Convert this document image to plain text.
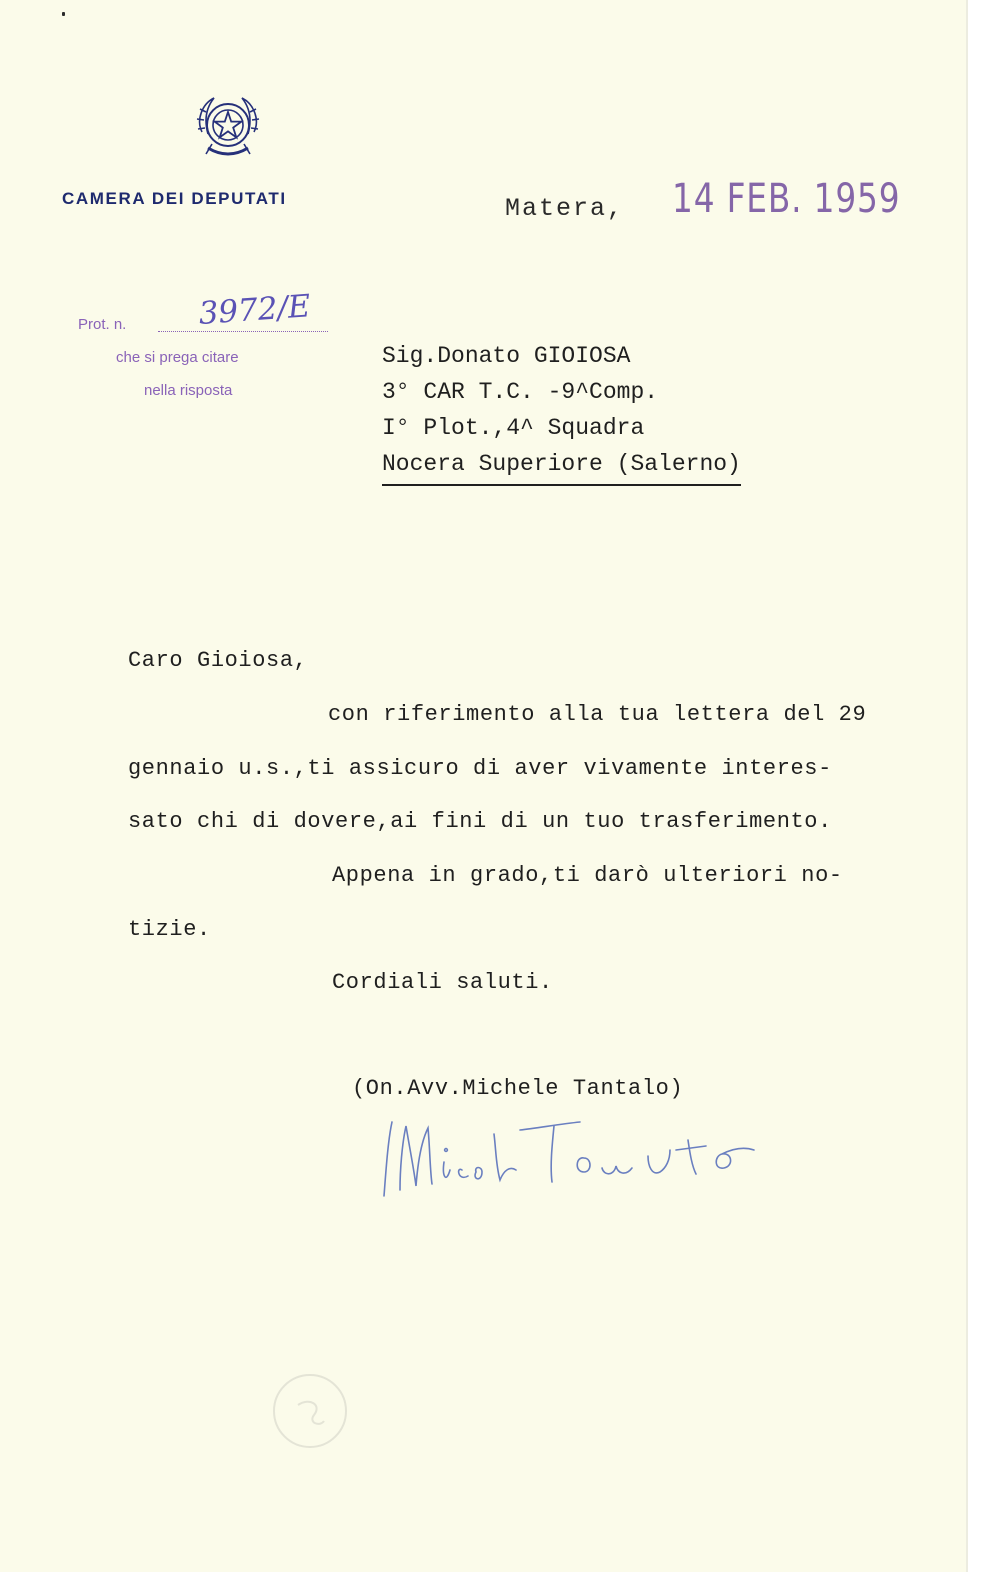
CAMERA DEI DEPUTATI	Matera, 14 FEB. 1959
Prot. n. 3972/E
che si prega citare
nella risposta
Sig.Donato GIOIOSA
3° CAR T.C. -9^Comp.
I° Plot.,4^ Squadra
Nocera Superiore (Salerno)
Caro Gioiosa,
con riferimento alla tua lettera del 29
gennaio u.s.,ti assicuro di aver vivamente interes-
sato chi di dovere,ai fini di un tuo trasferimento.
Appena in grado,ti darò ulteriori no-
tizie.
Cordiali saluti.
(On.Avv.Michele Tantalo)
